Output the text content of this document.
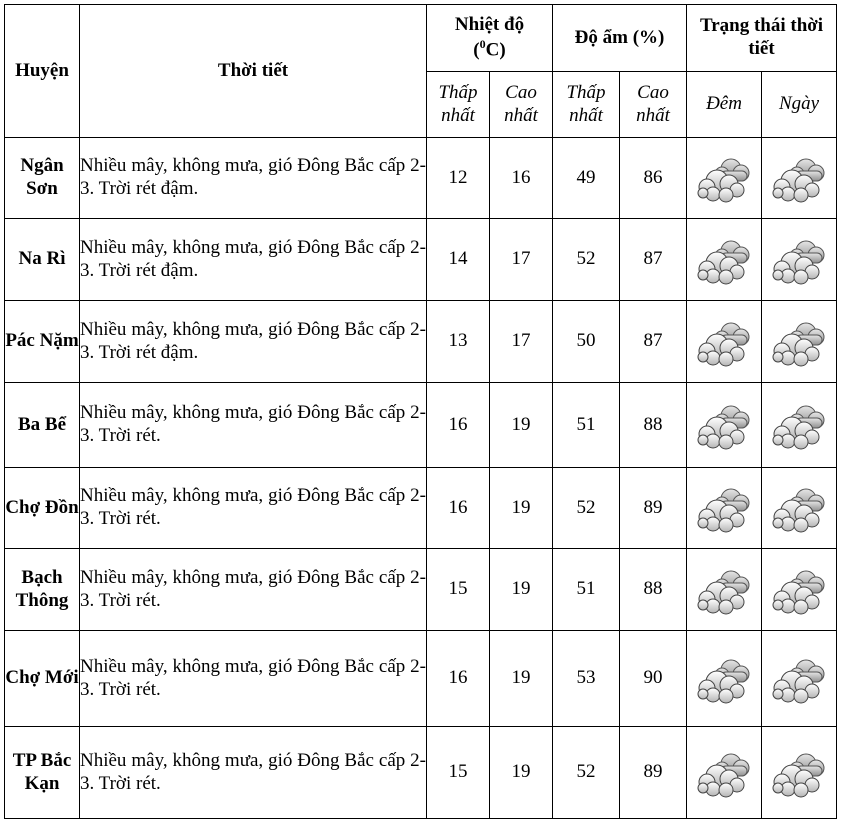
Huyện	Thời tiết	Nhiệt độ
($^0$C)		Độ ẩm (%)		Trạng thái thời tiết	
		Thấp nhất	Cao nhất	Thấp nhất	Cao nhất	Đêm	Ngày
Ngân Sơn	Nhiều mây, không mưa, gió Đông Bắc cấp 2-3. Trời rét đậm.	12	16	49	86	

Na Rì	Nhiều mây, không mưa, gió Đông Bắc cấp 2-3. Trời rét đậm.	14	17	52	87	

Pác Nặm	Nhiều mây, không mưa, gió Đông Bắc cấp 2-3. Trời rét đậm.	13	17	50	87	

Ba Bể	Nhiều mây, không mưa, gió Đông Bắc cấp 2-3. Trời rét.	16	19	51	88	

Chợ Đồn	Nhiều mây, không mưa, gió Đông Bắc cấp 2-3. Trời rét.	16	19	52	89	

Bạch Thông	Nhiều mây, không mưa, gió Đông Bắc cấp 2-3. Trời rét.	15	19	51	88	

Chợ Mới	Nhiều mây, không mưa, gió Đông Bắc cấp 2-3. Trời rét.	16	19	53	90	

TP Bắc Kạn	Nhiều mây, không mưa, gió Đông Bắc cấp 2-3. Trời rét.	15	19	52	89	
